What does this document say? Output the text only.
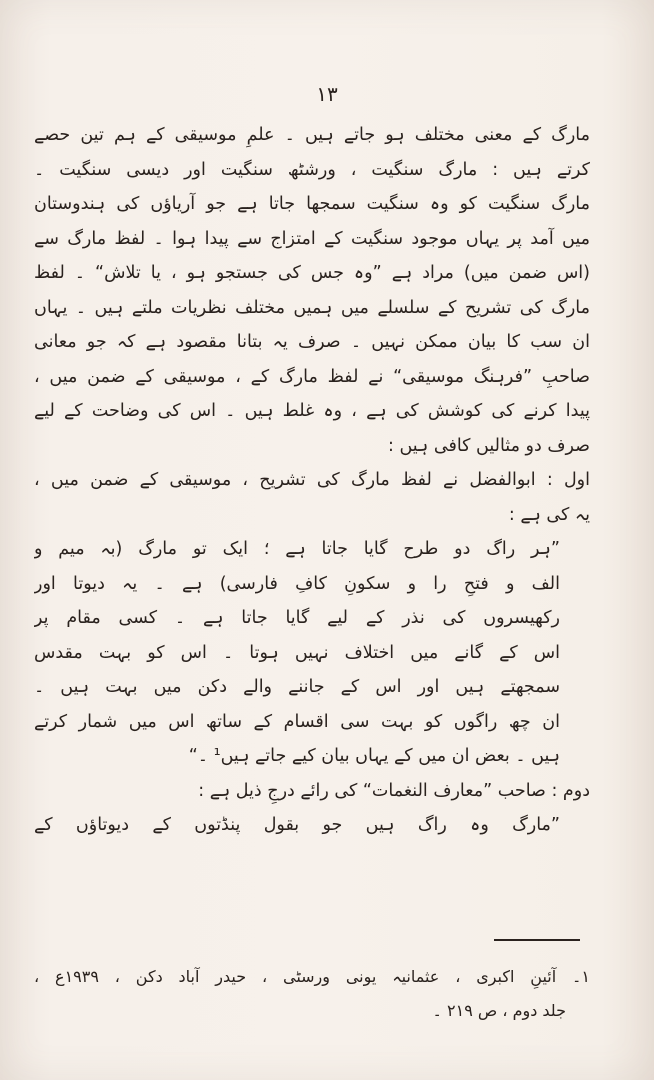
۱۳
مارگ کے معنی مختلف ہو جاتے ہیں ۔ علمِ موسیقی کے ہم تین حصے
کرتے ہیں : مارگ سنگیت ، ورشٹھ سنگیت اور دیسی سنگیت ۔
مارگ سنگیت کو وہ سنگیت سمجھا جاتا ہے جو آریاؤں کی ہندوستان
میں آمد پر یہاں موجود سنگیت کے امتزاج سے پیدا ہوا ۔ لفظ مارگ سے
(اس ضمن میں) مراد ہے ”وہ جس کی جستجو ہو ، یا تلاش“ ۔ لفظ
مارگ کی تشریح کے سلسلے میں ہمیں مختلف نظریات ملتے ہیں ۔ یہاں
ان سب کا بیان ممکن نہیں ۔ صرف یہ بتانا مقصود ہے کہ جو معانی
صاحبِ ”فرہنگ موسیقی“ نے لفظ مارگ کے ، موسیقی کے ضمن میں ،
پیدا کرنے کی کوشش کی ہے ، وہ غلط ہیں ۔ اس کی وضاحت کے لیے
صرف دو مثالیں کافی ہیں :
اول : ابوالفضل نے لفظ مارگ کی تشریح ، موسیقی کے ضمن میں ،
یہ کی ہے :
”ہر راگ دو طرح گایا جاتا ہے ؛ ایک تو مارگ (بہ میم و
الف و فتحِ را و سکونِ کافِ فارسی) ہے ۔ یہ دیوتا اور
رکھیسروں کی نذر کے لیے گایا جاتا ہے ۔ کسی مقام پر
اس کے گانے میں اختلاف نہیں ہوتا ۔ اس کو بہت مقدس
سمجھتے ہیں اور اس کے جاننے والے دکن میں بہت ہیں ۔
ان چھ راگوں کو بہت سی اقسام کے ساتھ اس میں شمار کرتے
ہیں ۔ بعض ان میں کے یہاں بیان کیے جاتے ہیں¹ ۔“
دوم : صاحب ”معارف النغمات“ کی رائے درجِ ذیل ہے :
”مارگ وہ راگ ہیں جو بقول پنڈتوں کے دیوتاؤں کے
۱۔ آئینِ اکبری ، عثمانیہ یونی ورسٹی ، حیدر آباد دکن ، ۱۹۳۹ع ،
جلد دوم ، ص ۲۱۹ ۔
